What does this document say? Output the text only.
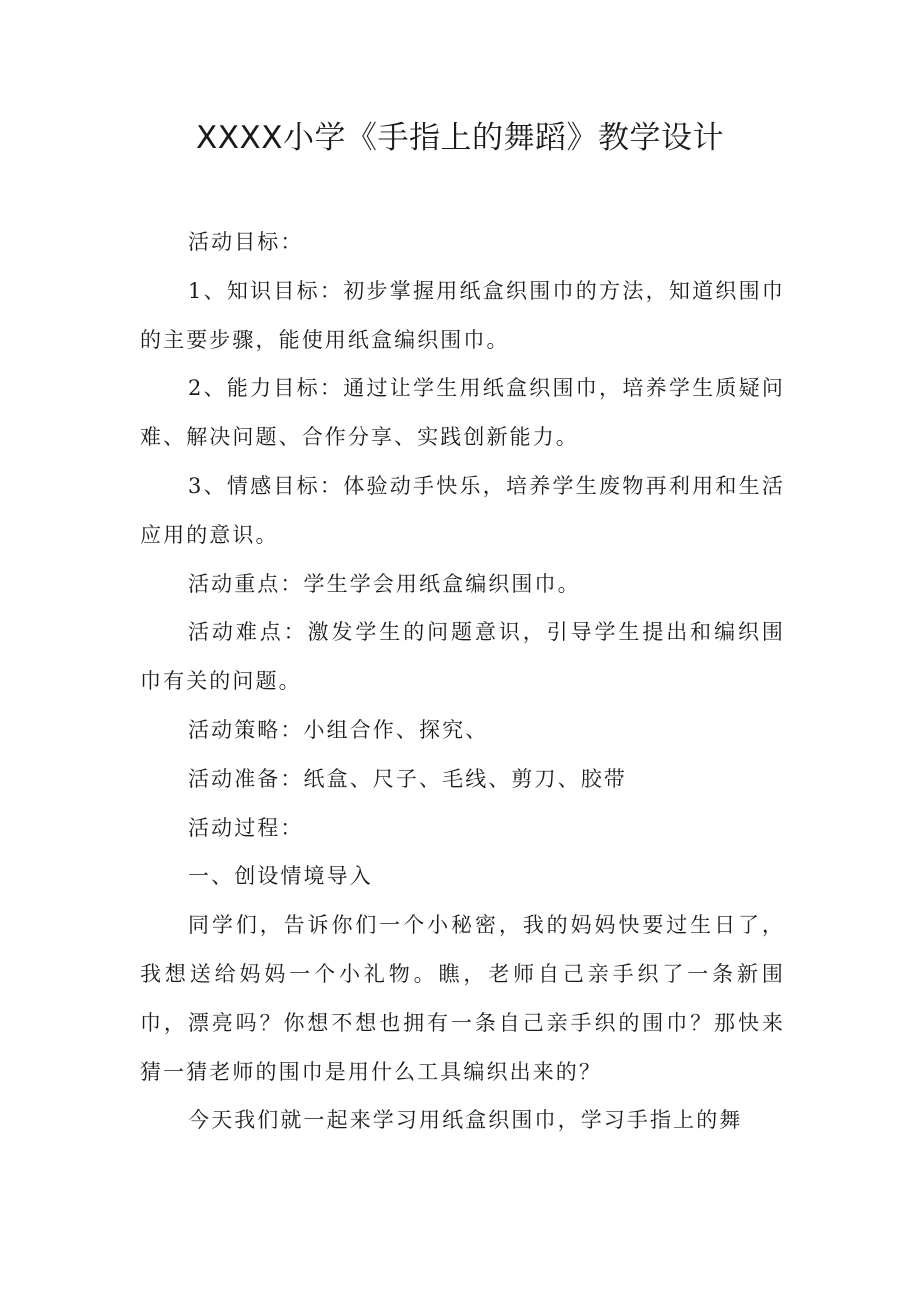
XXXX小学《手指上的舞蹈》教学设计

活动目标：

1、知识目标：初步掌握用纸盒织围巾的方法，知道织围巾的主要步骤，能使用纸盒编织围巾。

2、能力目标：通过让学生用纸盒织围巾，培养学生质疑问难、解决问题、合作分享、实践创新能力。

3、情感目标：体验动手快乐，培养学生废物再利用和生活应用的意识。

活动重点：学生学会用纸盒编织围巾。

活动难点：激发学生的问题意识，引导学生提出和编织围巾有关的问题。

活动策略：小组合作、探究、

活动准备：纸盒、尺子、毛线、剪刀、胶带

活动过程：

一、创设情境导入

同学们，告诉你们一个小秘密，我的妈妈快要过生日了，我想送给妈妈一个小礼物。瞧，老师自己亲手织了一条新围巾，漂亮吗？你想不想也拥有一条自己亲手织的围巾？那快来猜一猜老师的围巾是用什么工具编织出来的？

今天我们就一起来学习用纸盒织围巾，学习手指上的舞
